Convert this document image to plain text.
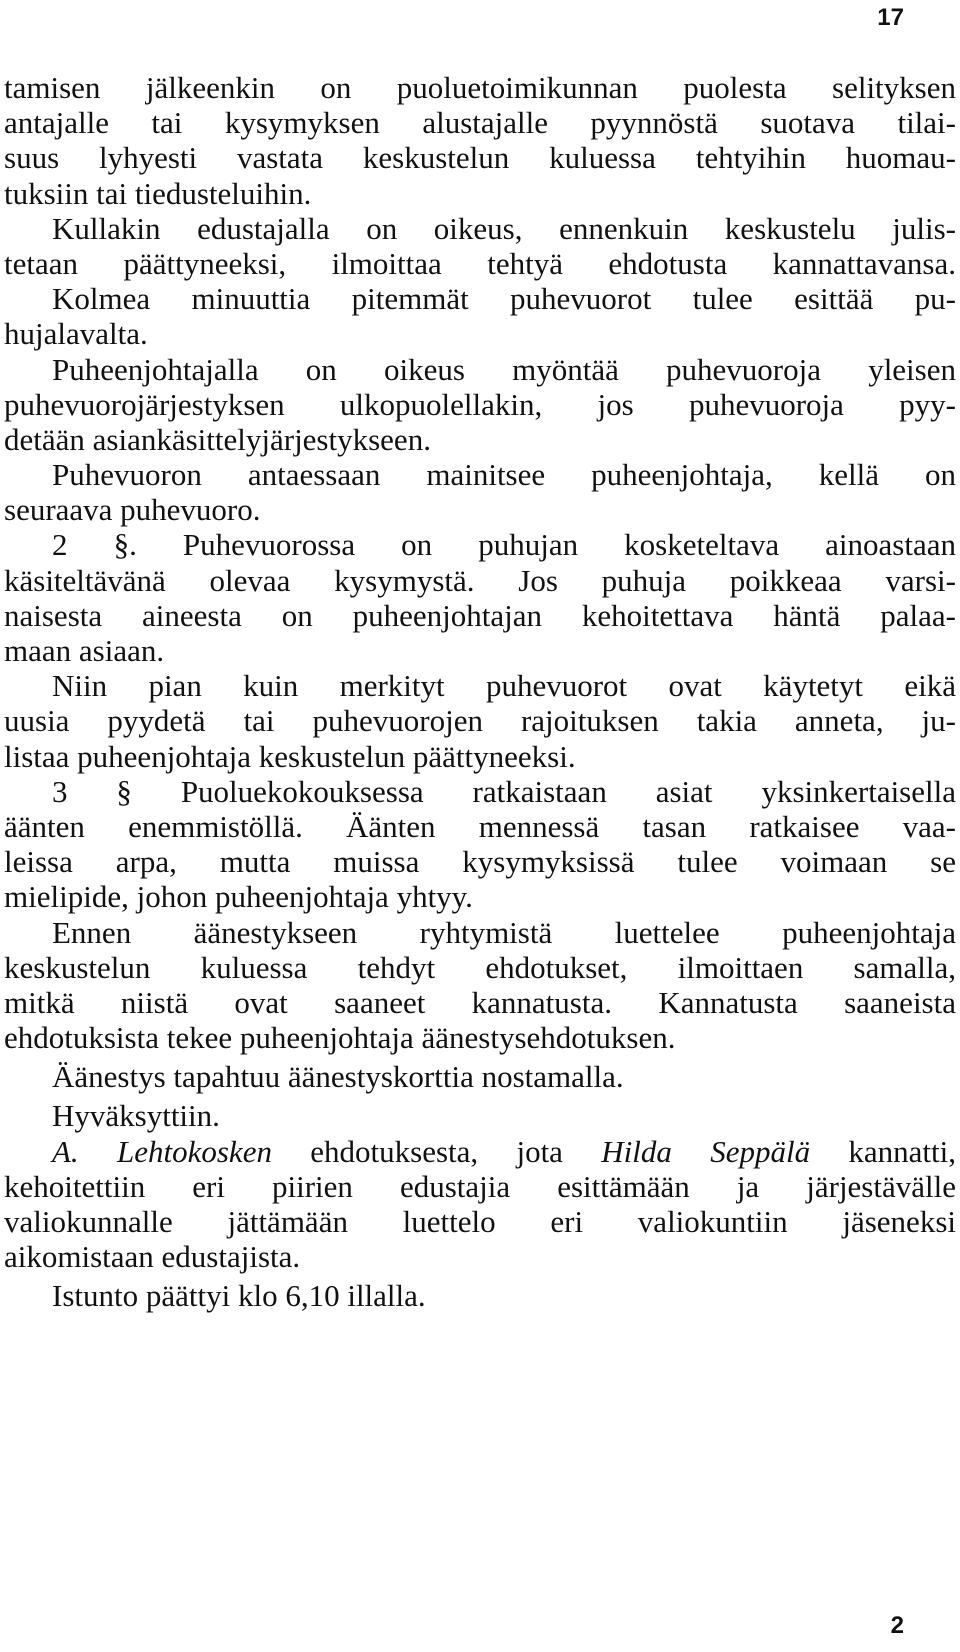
17
tamisen jälkeenkin on puoluetoimikunnan puolesta selityksen
antajalle tai kysymyksen alustajalle pyynnöstä suotava tilai-
suus lyhyesti vastata keskustelun kuluessa tehtyihin huomau-
tuksiin tai tiedusteluihin.
Kullakin edustajalla on oikeus, ennenkuin keskustelu julis-
tetaan päättyneeksi, ilmoittaa tehtyä ehdotusta kannattavansa.
Kolmea minuuttia pitemmät puhevuorot tulee esittää pu-
hujalavalta.
Puheenjohtajalla on oikeus myöntää puhevuoroja yleisen
puhevuorojärjestyksen ulkopuolellakin, jos puhevuoroja pyy-
detään asiankäsittelyjärjestykseen.
Puhevuoron antaessaan mainitsee puheenjohtaja, kellä on
seuraava puhevuoro.
2 §. Puhevuorossa on puhujan kosketeltava ainoastaan
käsiteltävänä olevaa kysymystä. Jos puhuja poikkeaa varsi-
naisesta aineesta on puheenjohtajan kehoitettava häntä palaa-
maan asiaan.
Niin pian kuin merkityt puhevuorot ovat käytetyt eikä
uusia pyydetä tai puhevuorojen rajoituksen takia anneta, ju-
listaa puheenjohtaja keskustelun päättyneeksi.
3 § Puoluekokouksessa ratkaistaan asiat yksinkertaisella
äänten enemmistöllä. Äänten mennessä tasan ratkaisee vaa-
leissa arpa, mutta muissa kysymyksissä tulee voimaan se
mielipide, johon puheenjohtaja yhtyy.
Ennen äänestykseen ryhtymistä luettelee puheenjohtaja
keskustelun kuluessa tehdyt ehdotukset, ilmoittaen samalla,
mitkä niistä ovat saaneet kannatusta. Kannatusta saaneista
ehdotuksista tekee puheenjohtaja äänestysehdotuksen.
Äänestys tapahtuu äänestyskorttia nostamalla.
Hyväksyttiin.
A. Lehtokosken ehdotuksesta, jota Hilda Seppälä kannatti,
kehoitettiin eri piirien edustajia esittämään ja järjestävälle
valiokunnalle jättämään luettelo eri valiokuntiin jäseneksi
aikomistaan edustajista.
Istunto päättyi klo 6,10 illalla.
2
